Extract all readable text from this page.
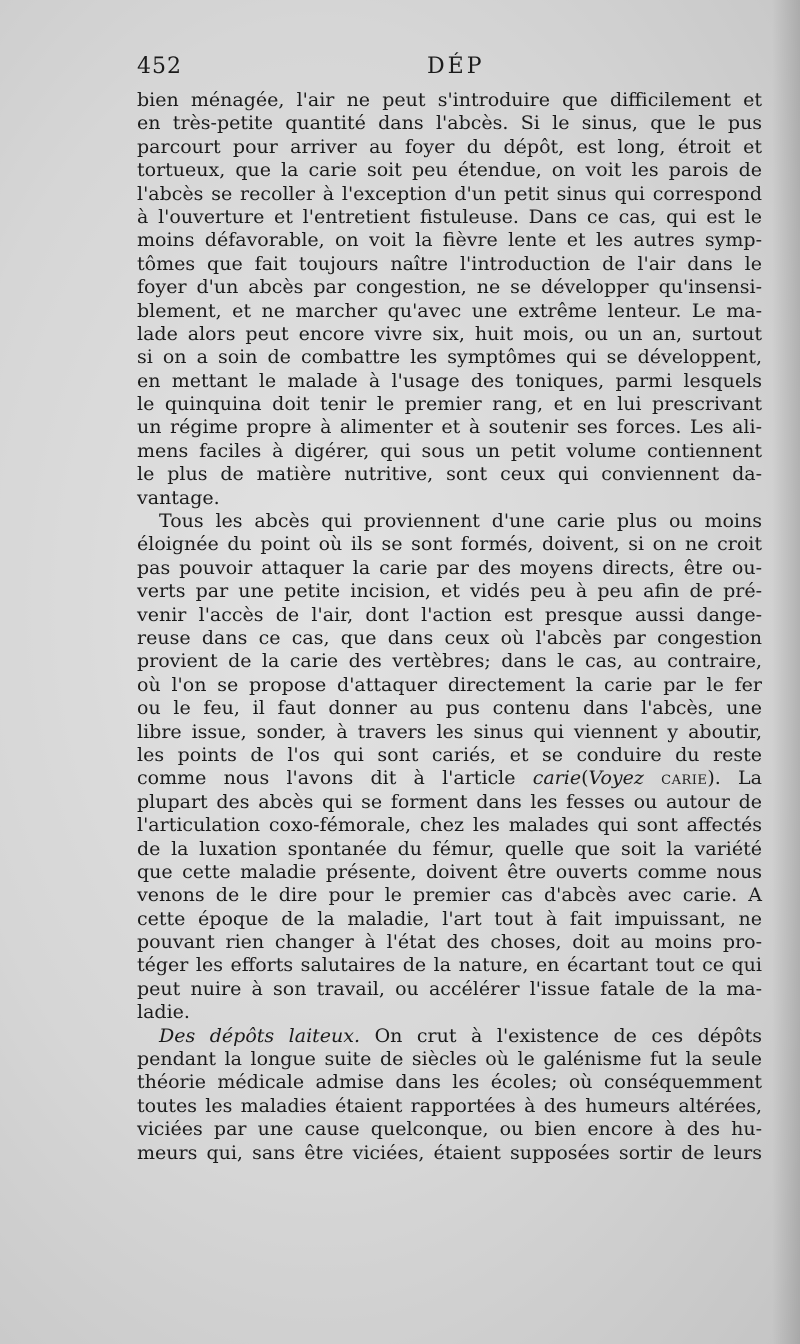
452	DÉP
bien ménagée, l'air ne peut s'introduire que difficilement et
en très-petite quantité dans l'abcès. Si le sinus, que le pus
parcourt pour arriver au foyer du dépôt, est long, étroit et
tortueux, que la carie soit peu étendue, on voit les parois de
l'abcès se recoller à l'exception d'un petit sinus qui correspond
à l'ouverture et l'entretient fistuleuse. Dans ce cas, qui est le
moins défavorable, on voit la fièvre lente et les autres symp-
tômes que fait toujours naître l'introduction de l'air dans le
foyer d'un abcès par congestion, ne se développer qu'insensi-
blement, et ne marcher qu'avec une extrême lenteur. Le ma-
lade alors peut encore vivre six, huit mois, ou un an, surtout
si on a soin de combattre les symptômes qui se développent,
en mettant le malade à l'usage des toniques, parmi lesquels
le quinquina doit tenir le premier rang, et en lui prescrivant
un régime propre à alimenter et à soutenir ses forces. Les ali-
mens faciles à digérer, qui sous un petit volume contiennent
le plus de matière nutritive, sont ceux qui conviennent da-
vantage.
Tous les abcès qui proviennent d'une carie plus ou moins
éloignée du point où ils se sont formés, doivent, si on ne croit
pas pouvoir attaquer la carie par des moyens directs, être ou-
verts par une petite incision, et vidés peu à peu afin de pré-
venir l'accès de l'air, dont l'action est presque aussi dange-
reuse dans ce cas, que dans ceux où l'abcès par congestion
provient de la carie des vertèbres; dans le cas, au contraire,
où l'on se propose d'attaquer directement la carie par le fer
ou le feu, il faut donner au pus contenu dans l'abcès, une
libre issue, sonder, à travers les sinus qui viennent y aboutir,
les points de l'os qui sont cariés, et se conduire du reste
comme nous l'avons dit à l'article carie(Voyez CARIE). La
plupart des abcès qui se forment dans les fesses ou autour de
l'articulation coxo-fémorale, chez les malades qui sont affectés
de la luxation spontanée du fémur, quelle que soit la variété
que cette maladie présente, doivent être ouverts comme nous
venons de le dire pour le premier cas d'abcès avec carie. A
cette époque de la maladie, l'art tout à fait impuissant, ne
pouvant rien changer à l'état des choses, doit au moins pro-
téger les efforts salutaires de la nature, en écartant tout ce qui
peut nuire à son travail, ou accélérer l'issue fatale de la ma-
ladie.
Des dépôts laiteux. On crut à l'existence de ces dépôts
pendant la longue suite de siècles où le galénisme fut la seule
théorie médicale admise dans les écoles; où conséquemment
toutes les maladies étaient rapportées à des humeurs altérées,
viciées par une cause quelconque, ou bien encore à des hu-
meurs qui, sans être viciées, étaient supposées sortir de leurs
